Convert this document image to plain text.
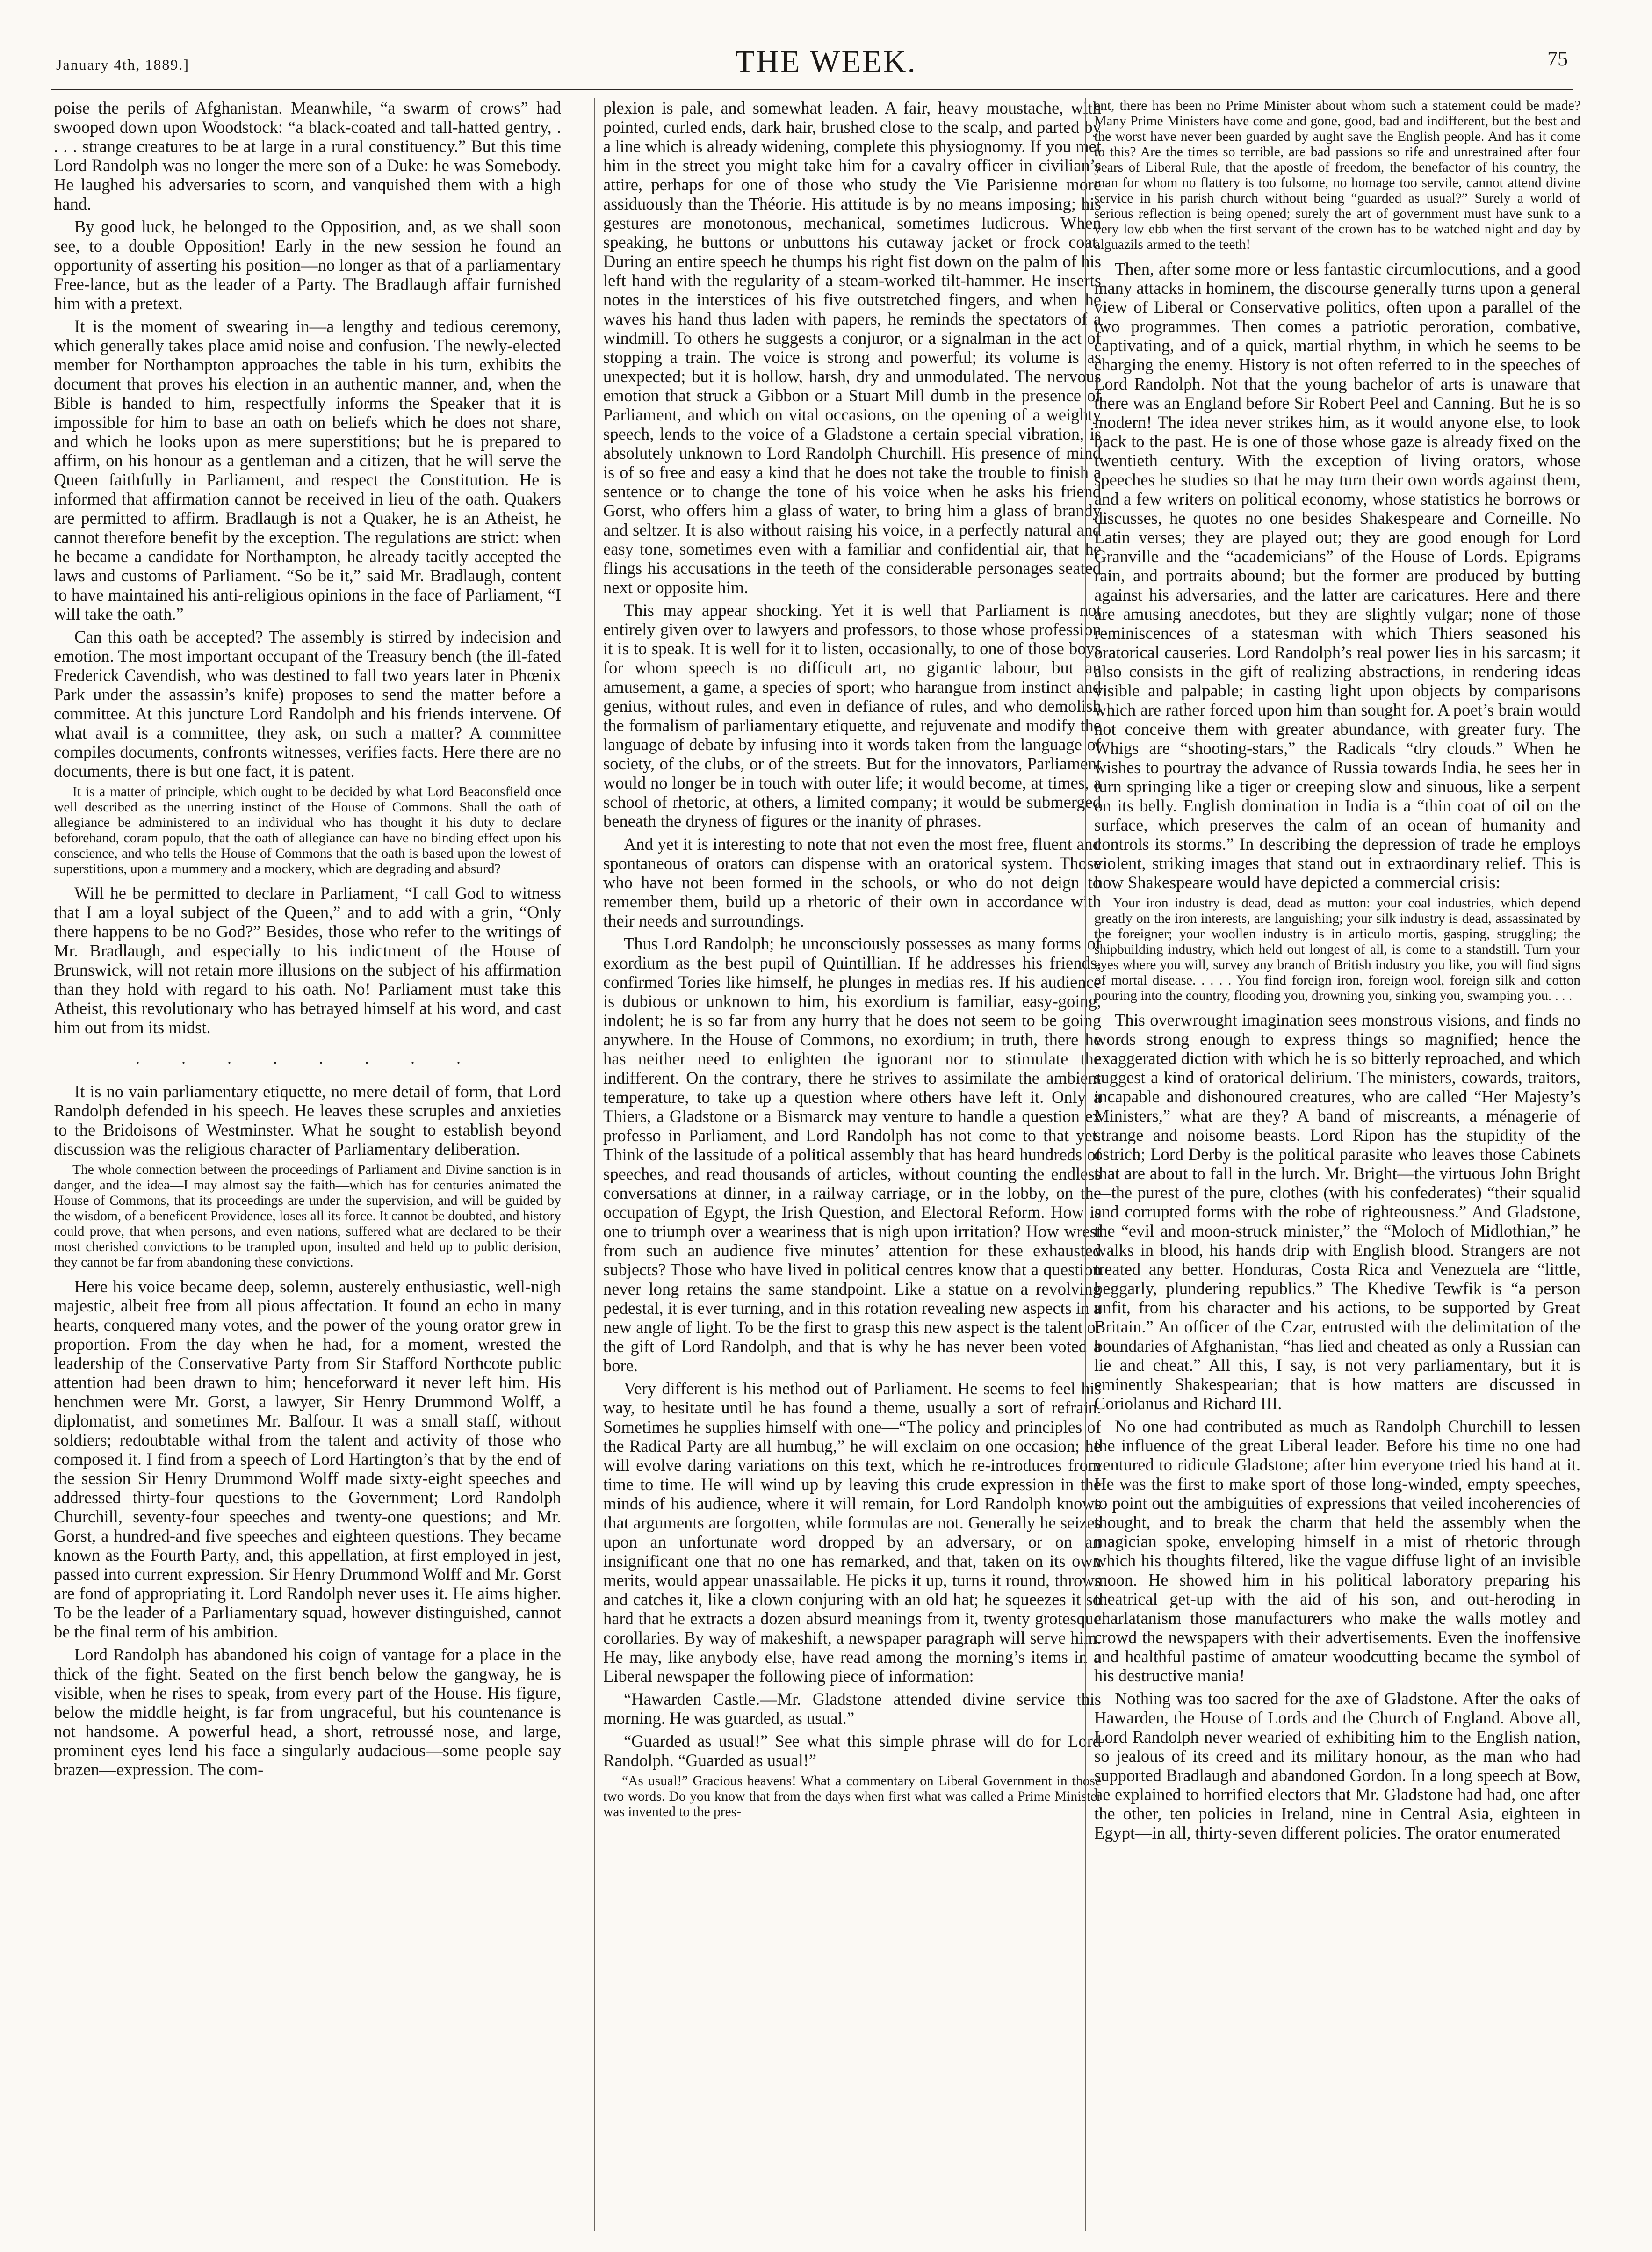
January 4th, 1889.]	THE WEEK.	75

poise the perils of Afghanistan. Meanwhile, “a swarm of crows” had swooped down upon Woodstock: “a black-coated and tall-hatted gentry, . . . . strange creatures to be at large in a rural constituency.” But this time Lord Randolph was no longer the mere son of a Duke: he was Somebody. He laughed his adversaries to scorn, and vanquished them with a high hand.

By good luck, he belonged to the Opposition, and, as we shall soon see, to a double Opposition! Early in the new session he found an opportunity of asserting his position—no longer as that of a parliamentary Free-lance, but as the leader of a Party. The Bradlaugh affair furnished him with a pretext.

It is the moment of swearing in—a lengthy and tedious ceremony, which generally takes place amid noise and confusion. The newly-elected member for Northampton approaches the table in his turn, exhibits the document that proves his election in an authentic manner, and, when the Bible is handed to him, respectfully informs the Speaker that it is impossible for him to base an oath on beliefs which he does not share, and which he looks upon as mere superstitions; but he is prepared to affirm, on his honour as a gentleman and a citizen, that he will serve the Queen faithfully in Parliament, and respect the Constitution. He is informed that affirmation cannot be received in lieu of the oath. Quakers are permitted to affirm. Bradlaugh is not a Quaker, he is an Atheist, he cannot therefore benefit by the exception. The regulations are strict: when he became a candidate for Northampton, he already tacitly accepted the laws and customs of Parliament. “So be it,” said Mr. Bradlaugh, content to have maintained his anti-religious opinions in the face of Parliament, “I will take the oath.”

Can this oath be accepted? The assembly is stirred by indecision and emotion. The most important occupant of the Treasury bench (the ill-fated Frederick Cavendish, who was destined to fall two years later in Phœnix Park under the assassin’s knife) proposes to send the matter before a committee. At this juncture Lord Randolph and his friends intervene. Of what avail is a committee, they ask, on such a matter? A committee compiles documents, confronts witnesses, verifies facts. Here there are no documents, there is but one fact, it is patent.

It is a matter of principle, which ought to be decided by what Lord Beaconsfield once well described as the unerring instinct of the House of Commons. Shall the oath of allegiance be administered to an individual who has thought it his duty to declare beforehand, coram populo, that the oath of allegiance can have no binding effect upon his conscience, and who tells the House of Commons that the oath is based upon the lowest of superstitions, upon a mummery and a mockery, which are degrading and absurd?

Will he be permitted to declare in Parliament, “I call God to witness that I am a loyal subject of the Queen,” and to add with a grin, “Only there happens to be no God?” Besides, those who refer to the writings of Mr. Bradlaugh, and especially to his indictment of the House of Brunswick, will not retain more illusions on the subject of his affirmation than they hold with regard to his oath. No! Parliament must take this Atheist, this revolutionary who has betrayed himself at his word, and cast him out from its midst.

. . . . . . . .

It is no vain parliamentary etiquette, no mere detail of form, that Lord Randolph defended in his speech. He leaves these scruples and anxieties to the Bridoisons of Westminster. What he sought to establish beyond discussion was the religious character of Parliamentary deliberation.

The whole connection between the proceedings of Parliament and Divine sanction is in danger, and the idea—I may almost say the faith—which has for centuries animated the House of Commons, that its proceedings are under the supervision, and will be guided by the wisdom, of a beneficent Providence, loses all its force. It cannot be doubted, and history could prove, that when persons, and even nations, suffered what are declared to be their most cherished convictions to be trampled upon, insulted and held up to public derision, they cannot be far from abandoning these convictions.

Here his voice became deep, solemn, austerely enthusiastic, well-nigh majestic, albeit free from all pious affectation. It found an echo in many hearts, conquered many votes, and the power of the young orator grew in proportion. From the day when he had, for a moment, wrested the leadership of the Conservative Party from Sir Stafford Northcote public attention had been drawn to him; henceforward it never left him. His henchmen were Mr. Gorst, a lawyer, Sir Henry Drummond Wolff, a diplomatist, and sometimes Mr. Balfour. It was a small staff, without soldiers; redoubtable withal from the talent and activity of those who composed it. I find from a speech of Lord Hartington’s that by the end of the session Sir Henry Drummond Wolff made sixty-eight speeches and addressed thirty-four questions to the Government; Lord Randolph Churchill, seventy-four speeches and twenty-one questions; and Mr. Gorst, a hundred-and five speeches and eighteen questions. They became known as the Fourth Party, and, this appellation, at first employed in jest, passed into current expression. Sir Henry Drummond Wolff and Mr. Gorst are fond of appropriating it. Lord Randolph never uses it. He aims higher. To be the leader of a Parliamentary squad, however distinguished, cannot be the final term of his ambition.

Lord Randolph has abandoned his coign of vantage for a place in the thick of the fight. Seated on the first bench below the gangway, he is visible, when he rises to speak, from every part of the House. His figure, below the middle height, is far from ungraceful, but his countenance is not handsome. A powerful head, a short, retroussé nose, and large, prominent eyes lend his face a singularly audacious—some people say brazen—expression. The com-

plexion is pale, and somewhat leaden. A fair, heavy moustache, with pointed, curled ends, dark hair, brushed close to the scalp, and parted by a line which is already widening, complete this physiognomy. If you met him in the street you might take him for a cavalry officer in civilian’s attire, perhaps for one of those who study the Vie Parisienne more assiduously than the Théorie. His attitude is by no means imposing; his gestures are monotonous, mechanical, sometimes ludicrous. When speaking, he buttons or unbuttons his cutaway jacket or frock coat. During an entire speech he thumps his right fist down on the palm of his left hand with the regularity of a steam-worked tilt-hammer. He inserts notes in the interstices of his five outstretched fingers, and when he waves his hand thus laden with papers, he reminds the spectators of a windmill. To others he suggests a conjuror, or a signalman in the act of stopping a train. The voice is strong and powerful; its volume is as unexpected; but it is hollow, harsh, dry and unmodulated. The nervous emotion that struck a Gibbon or a Stuart Mill dumb in the presence of Parliament, and which on vital occasions, on the opening of a weighty speech, lends to the voice of a Gladstone a certain special vibration, is absolutely unknown to Lord Randolph Churchill. His presence of mind is of so free and easy a kind that he does not take the trouble to finish a sentence or to change the tone of his voice when he asks his friend Gorst, who offers him a glass of water, to bring him a glass of brandy and seltzer. It is also without raising his voice, in a perfectly natural and easy tone, sometimes even with a familiar and confidential air, that he flings his accusations in the teeth of the considerable personages seated next or opposite him.

This may appear shocking. Yet it is well that Parliament is not entirely given over to lawyers and professors, to those whose profession it is to speak. It is well for it to listen, occasionally, to one of those boys for whom speech is no difficult art, no gigantic labour, but an amusement, a game, a species of sport; who harangue from instinct and genius, without rules, and even in defiance of rules, and who demolish the formalism of parliamentary etiquette, and rejuvenate and modify the language of debate by infusing into it words taken from the language of society, of the clubs, or of the streets. But for the innovators, Parliament would no longer be in touch with outer life; it would become, at times, a school of rhetoric, at others, a limited company; it would be submerged beneath the dryness of figures or the inanity of phrases.

And yet it is interesting to note that not even the most free, fluent and spontaneous of orators can dispense with an oratorical system. Those who have not been formed in the schools, or who do not deign to remember them, build up a rhetoric of their own in accordance with their needs and surroundings.

Thus Lord Randolph; he unconsciously possesses as many forms of exordium as the best pupil of Quintillian. If he addresses his friends, confirmed Tories like himself, he plunges in medias res. If his audience is dubious or unknown to him, his exordium is familiar, easy-going, indolent; he is so far from any hurry that he does not seem to be going anywhere. In the House of Commons, no exordium; in truth, there he has neither need to enlighten the ignorant nor to stimulate the indifferent. On the contrary, there he strives to assimilate the ambient temperature, to take up a question where others have left it. Only a Thiers, a Gladstone or a Bismarck may venture to handle a question ex professo in Parliament, and Lord Randolph has not come to that yet. Think of the lassitude of a political assembly that has heard hundreds of speeches, and read thousands of articles, without counting the endless conversations at dinner, in a railway carriage, or in the lobby, on the occupation of Egypt, the Irish Question, and Electoral Reform. How is one to triumph over a weariness that is nigh upon irritation? How wrest from such an audience five minutes’ attention for these exhausted subjects? Those who have lived in political centres know that a question never long retains the same standpoint. Like a statue on a revolving pedestal, it is ever turning, and in this rotation revealing new aspects in a new angle of light. To be the first to grasp this new aspect is the talent or the gift of Lord Randolph, and that is why he has never been voted a bore.

Very different is his method out of Parliament. He seems to feel his way, to hesitate until he has found a theme, usually a sort of refrain. Sometimes he supplies himself with one—“The policy and principles of the Radical Party are all humbug,” he will exclaim on one occasion; he will evolve daring variations on this text, which he re-introduces from time to time. He will wind up by leaving this crude expression in the minds of his audience, where it will remain, for Lord Randolph knows that arguments are forgotten, while formulas are not. Generally he seizes upon an unfortunate word dropped by an adversary, or on an insignificant one that no one has remarked, and that, taken on its own merits, would appear unassailable. He picks it up, turns it round, throws and catches it, like a clown conjuring with an old hat; he squeezes it so hard that he extracts a dozen absurd meanings from it, twenty grotesque corollaries. By way of makeshift, a newspaper paragraph will serve him. He may, like anybody else, have read among the morning’s items in a Liberal newspaper the following piece of information:

“Hawarden Castle.—Mr. Gladstone attended divine service this morning. He was guarded, as usual.”

“Guarded as usual!” See what this simple phrase will do for Lord Randolph. “Guarded as usual!”

“As usual!” Gracious heavens! What a commentary on Liberal Government in those two words. Do you know that from the days when first what was called a Prime Minister was invented to the pres-

ent, there has been no Prime Minister about whom such a statement could be made? Many Prime Ministers have come and gone, good, bad and indifferent, but the best and the worst have never been guarded by aught save the English people. And has it come to this? Are the times so terrible, are bad passions so rife and unrestrained after four years of Liberal Rule, that the apostle of freedom, the benefactor of his country, the man for whom no flattery is too fulsome, no homage too servile, cannot attend divine service in his parish church without being “guarded as usual?” Surely a world of serious reflection is being opened; surely the art of government must have sunk to a very low ebb when the first servant of the crown has to be watched night and day by alguazils armed to the teeth!

Then, after some more or less fantastic circumlocutions, and a good many attacks in hominem, the discourse generally turns upon a general view of Liberal or Conservative politics, often upon a parallel of the two programmes. Then comes a patriotic peroration, combative, captivating, and of a quick, martial rhythm, in which he seems to be charging the enemy. History is not often referred to in the speeches of Lord Randolph. Not that the young bachelor of arts is unaware that there was an England before Sir Robert Peel and Canning. But he is so modern! The idea never strikes him, as it would anyone else, to look back to the past. He is one of those whose gaze is already fixed on the twentieth century. With the exception of living orators, whose speeches he studies so that he may turn their own words against them, and a few writers on political economy, whose statistics he borrows or discusses, he quotes no one besides Shakespeare and Corneille. No Latin verses; they are played out; they are good enough for Lord Granville and the “academicians” of the House of Lords. Epigrams rain, and portraits abound; but the former are produced by butting against his adversaries, and the latter are caricatures. Here and there are amusing anecdotes, but they are slightly vulgar; none of those reminiscences of a statesman with which Thiers seasoned his oratorical causeries. Lord Randolph’s real power lies in his sarcasm; it also consists in the gift of realizing abstractions, in rendering ideas visible and palpable; in casting light upon objects by comparisons which are rather forced upon him than sought for. A poet’s brain would not conceive them with greater abundance, with greater fury. The Whigs are “shooting-stars,” the Radicals “dry clouds.” When he wishes to pourtray the advance of Russia towards India, he sees her in turn springing like a tiger or creeping slow and sinuous, like a serpent on its belly. English domination in India is a “thin coat of oil on the surface, which preserves the calm of an ocean of humanity and controls its storms.” In describing the depression of trade he employs violent, striking images that stand out in extraordinary relief. This is how Shakespeare would have depicted a commercial crisis:

Your iron industry is dead, dead as mutton: your coal industries, which depend greatly on the iron interests, are languishing; your silk industry is dead, assassinated by the foreigner; your woollen industry is in articulo mortis, gasping, struggling; the shipbuilding industry, which held out longest of all, is come to a standstill. Turn your eyes where you will, survey any branch of British industry you like, you will find signs of mortal disease. . . . . You find foreign iron, foreign wool, foreign silk and cotton pouring into the country, flooding you, drowning you, sinking you, swamping you. . . .

This overwrought imagination sees monstrous visions, and finds no words strong enough to express things so magnified; hence the exaggerated diction with which he is so bitterly reproached, and which suggest a kind of oratorical delirium. The ministers, cowards, traitors, incapable and dishonoured creatures, who are called “Her Majesty’s Ministers,” what are they? A band of miscreants, a ménagerie of strange and noisome beasts. Lord Ripon has the stupidity of the ostrich; Lord Derby is the political parasite who leaves those Cabinets that are about to fall in the lurch. Mr. Bright—the virtuous John Bright—the purest of the pure, clothes (with his confederates) “their squalid and corrupted forms with the robe of righteousness.” And Gladstone, the “evil and moon-struck minister,” the “Moloch of Midlothian,” he walks in blood, his hands drip with English blood. Strangers are not treated any better. Honduras, Costa Rica and Venezuela are “little, beggarly, plundering republics.” The Khedive Tewfik is “a person unfit, from his character and his actions, to be supported by Great Britain.” An officer of the Czar, entrusted with the delimitation of the boundaries of Afghanistan, “has lied and cheated as only a Russian can lie and cheat.” All this, I say, is not very parliamentary, but it is eminently Shakespearian; that is how matters are discussed in Coriolanus and Richard III.

No one had contributed as much as Randolph Churchill to lessen the influence of the great Liberal leader. Before his time no one had ventured to ridicule Gladstone; after him everyone tried his hand at it. He was the first to make sport of those long-winded, empty speeches, to point out the ambiguities of expressions that veiled incoherencies of thought, and to break the charm that held the assembly when the magician spoke, enveloping himself in a mist of rhetoric through which his thoughts filtered, like the vague diffuse light of an invisible moon. He showed him in his political laboratory preparing his theatrical get-up with the aid of his son, and out-heroding in charlatanism those manufacturers who make the walls motley and crowd the newspapers with their advertisements. Even the inoffensive and healthful pastime of amateur woodcutting became the symbol of his destructive mania!

Nothing was too sacred for the axe of Gladstone. After the oaks of Hawarden, the House of Lords and the Church of England. Above all, Lord Randolph never wearied of exhibiting him to the English nation, so jealous of its creed and its military honour, as the man who had supported Bradlaugh and abandoned Gordon. In a long speech at Bow, he explained to horrified electors that Mr. Gladstone had had, one after the other, ten policies in Ireland, nine in Central Asia, eighteen in Egypt—in all, thirty-seven different policies. The orator enumerated
